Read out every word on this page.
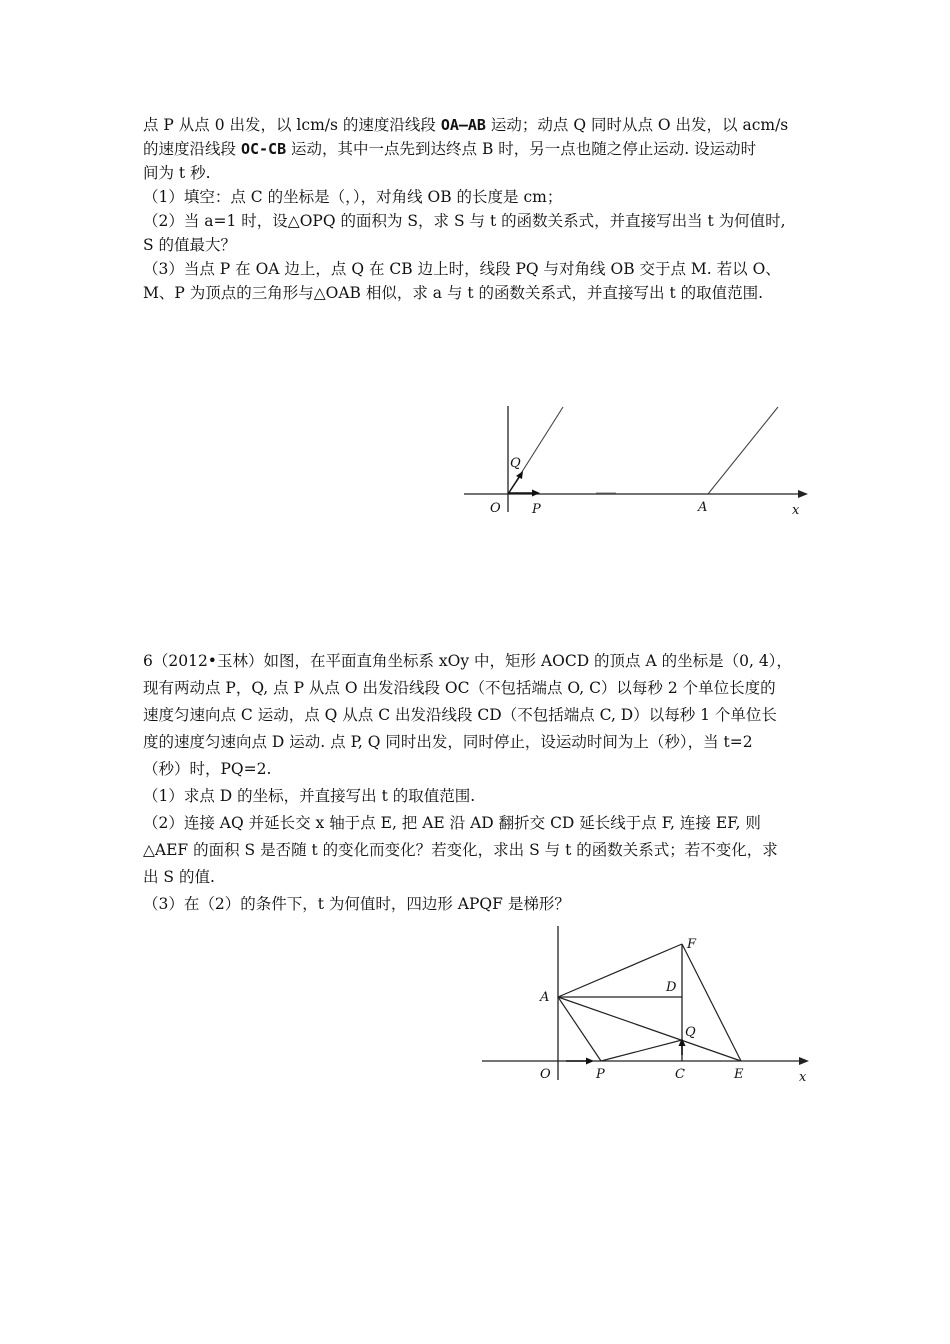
点 P 从点 0 出发，以 lcm/s 的速度沿线段 OA—AB 运动；动点 Q 同时从点 O 出发，以 acm/s
的速度沿线段 OC-CB 运动，其中一点先到达终点 B 时，另一点也随之停止运动. 设运动时
间为 t 秒.
（1）填空：点 C 的坐标是（，），对角线 OB 的长度是 cm；
（2）当 a=1 时，设△OPQ 的面积为 S，求 S 与 t 的函数关系式，并直接写出当 t 为何值时,
S 的值最大？
（3）当点 P 在 OA 边上，点 Q 在 CB 边上时，线段 PQ 与对角线 OB 交于点 M. 若以 O、
M、P 为顶点的三角形与△OAB 相似，求 a 与 t 的函数关系式，并直接写出 t 的取值范围.
Q
O P	A	x
6（2012•玉林）如图，在平面直角坐标系 xOy 中，矩形 AOCD 的顶点 A 的坐标是（0, 4），
现有两动点 P，Q, 点 P 从点 O 出发沿线段 OC（不包括端点 O, C）以每秒 2 个单位长度的
速度匀速向点 C 运动，点 Q 从点 C 出发沿线段 CD（不包括端点 C, D）以每秒 1 个单位长
度的速度匀速向点 D 运动. 点 P, Q 同时出发，同时停止，设运动时间为上（秒），当 t=2
（秒）时，PQ=2.
（1）求点 D 的坐标，并直接写出 t 的取值范围.
（2）连接 AQ 并延长交 x 轴于点 E, 把 AE 沿 AD 翻折交 CD 延长线于点 F, 连接 EF, 则
△AEF 的面积 S 是否随 t 的变化而变化？若变化，求出 S 与 t 的函数关系式；若不变化，求
出 S 的值.
（3）在（2）的条件下，t 为何值时，四边形 APQF 是梯形？
F
A
D
Q
O	P	C	E	x
